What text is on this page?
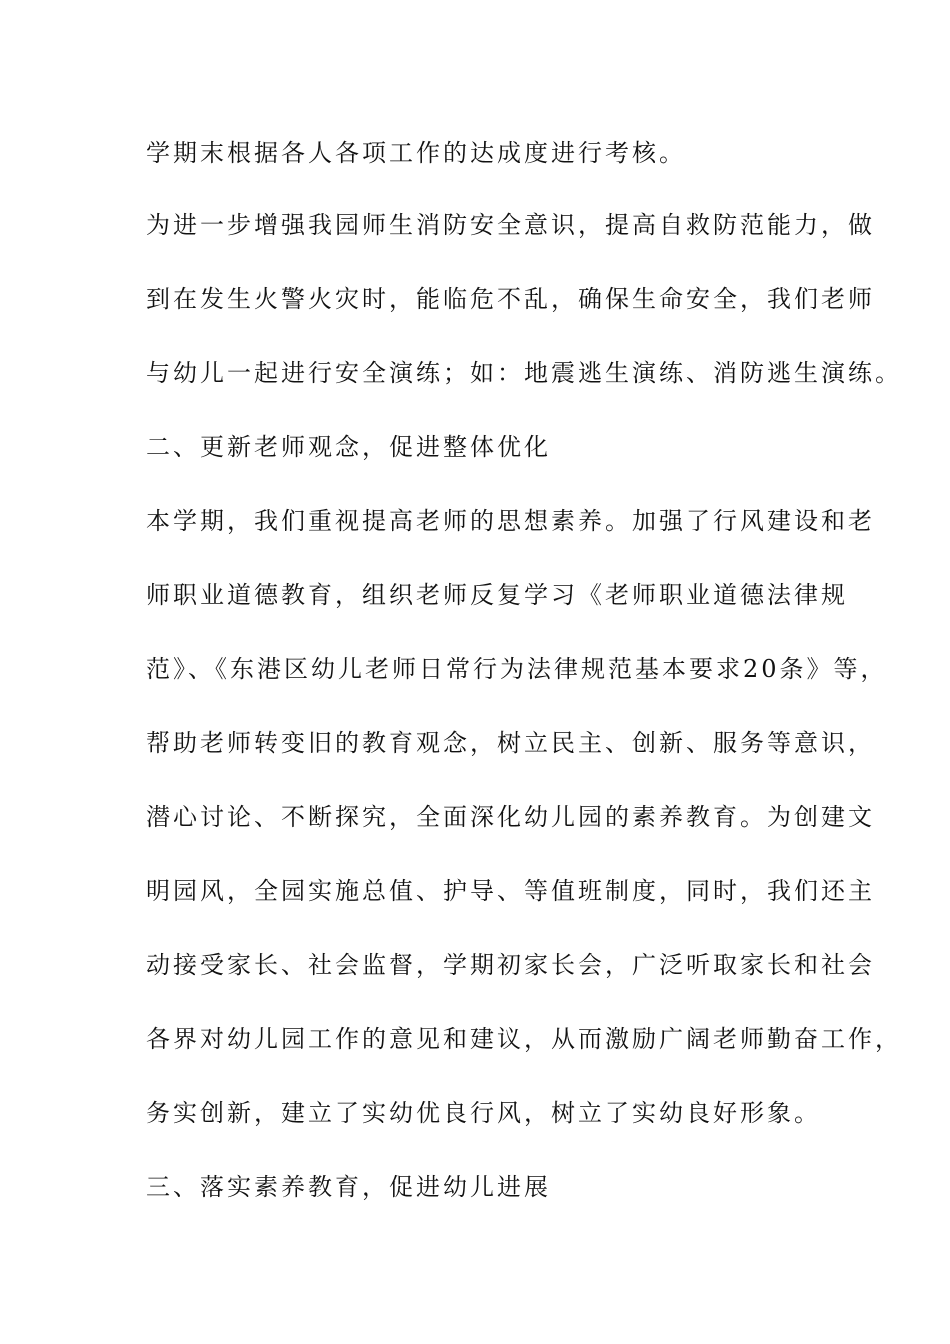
学期末根据各人各项工作的达成度进行考核。
为进一步增强我园师生消防安全意识，提高自救防范能力，做
到在发生火警火灾时，能临危不乱，确保生命安全，我们老师
与幼儿一起进行安全演练；如：地震逃生演练、消防逃生演练。
二、更新老师观念，促进整体优化
本学期，我们重视提高老师的思想素养。加强了行风建设和老
师职业道德教育，组织老师反复学习《老师职业道德法律规
范》、《东港区幼儿老师日常行为法律规范基本要求20条》等，
帮助老师转变旧的教育观念，树立民主、创新、服务等意识，
潜心讨论、不断探究，全面深化幼儿园的素养教育。为创建文
明园风，全园实施总值、护导、等值班制度，同时，我们还主
动接受家长、社会监督，学期初家长会，广泛听取家长和社会
各界对幼儿园工作的意见和建议，从而激励广阔老师勤奋工作，
务实创新，建立了实幼优良行风，树立了实幼良好形象。
三、落实素养教育，促进幼儿进展
